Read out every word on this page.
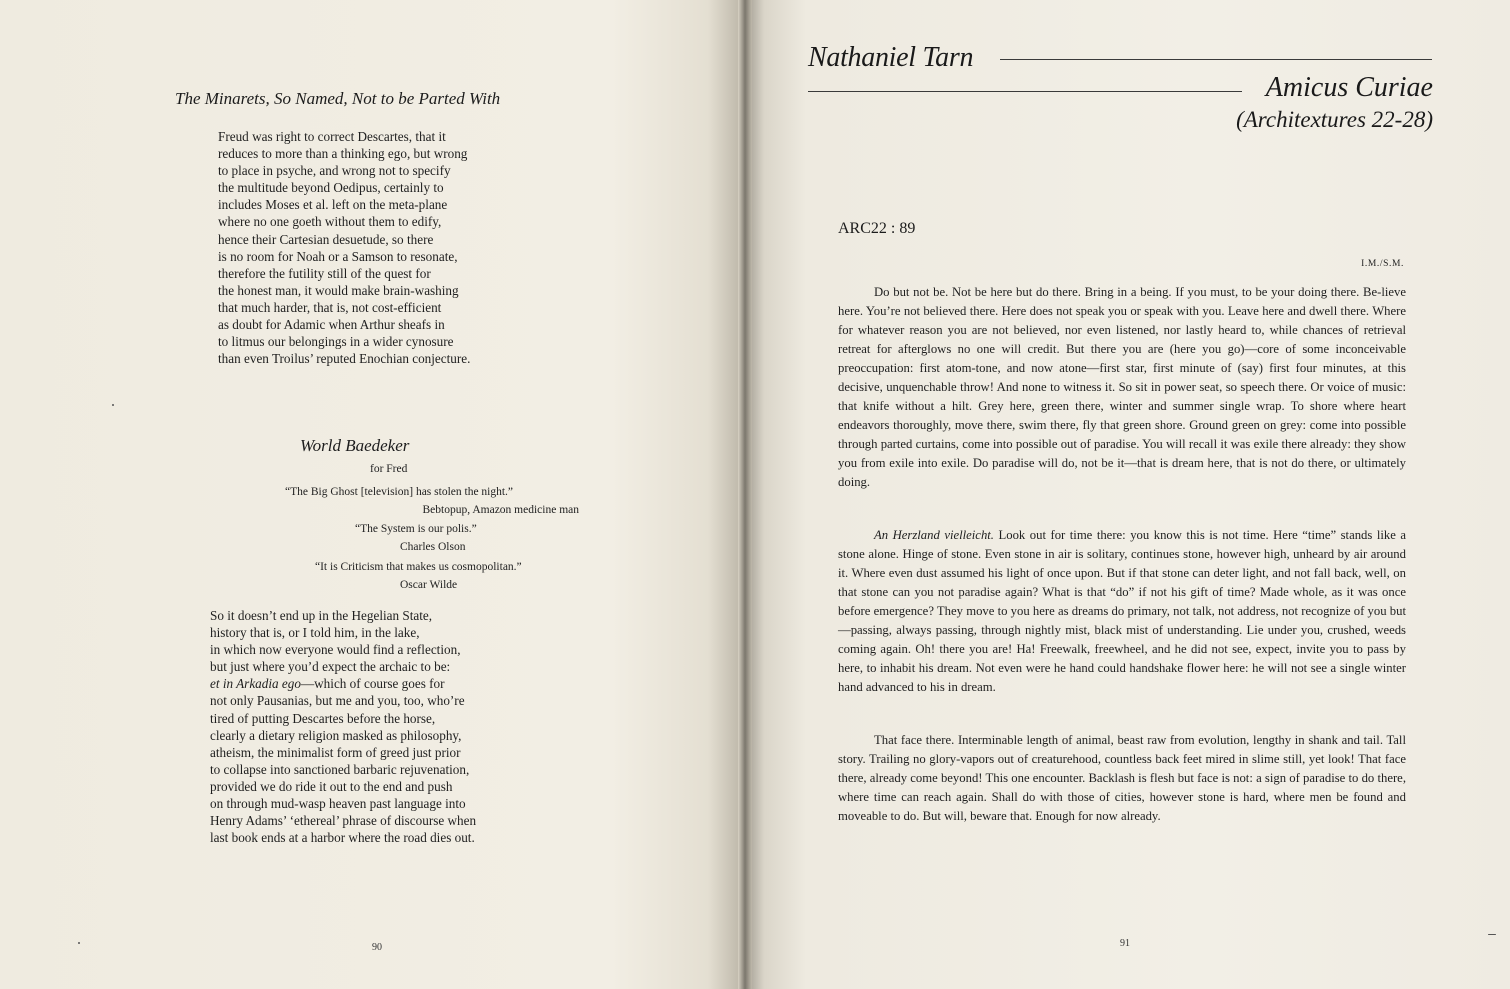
The Minarets, So Named, Not to be Parted With
Freud was right to correct Descartes, that it
reduces to more than a thinking ego, but wrong
to place in psyche, and wrong not to specify
the multitude beyond Oedipus, certainly to
includes Moses et al. left on the meta-plane
where no one goeth without them to edify,
hence their Cartesian desuetude, so there
is no room for Noah or a Samson to resonate,
therefore the futility still of the quest for
the honest man, it would make brain-washing
that much harder, that is, not cost-efficient
as doubt for Adamic when Arthur sheafs in
to litmus our belongings in a wider cynosure
than even Troilus’ reputed Enochian conjecture.
World Baedeker
for Fred
“The Big Ghost [television] has stolen the night.”
Bebtopup, Amazon medicine man
“The System is our polis.”
Charles Olson
“It is Criticism that makes us cosmopolitan.”
Oscar Wilde
So it doesn’t end up in the Hegelian State,
history that is, or I told him, in the lake,
in which now everyone would find a reflection,
but just where you’d expect the archaic to be:
et in Arkadia ego—which of course goes for
not only Pausanias, but me and you, too, who’re
tired of putting Descartes before the horse,
clearly a dietary religion masked as philosophy,
atheism, the minimalist form of greed just prior
to collapse into sanctioned barbaric rejuvenation,
provided we do ride it out to the end and push
on through mud-wasp heaven past language into
Henry Adams’ ‘ethereal’ phrase of discourse when
last book ends at a harbor where the road dies out.
90
Nathaniel Tarn
Amicus Curiae
(Architextures 22-28)
ARC22 : 89
I.M./S.M.

Do but not be. Not be here but do there. Bring in a being. If you must, to be your doing there. Be-lieve here. You’re not believed there. Here does not speak you or speak with you. Leave here and dwell there. Where for whatever reason you are not believed, nor even listened, nor lastly heard to, while chances of retrieval retreat for afterglows no one will credit. But there you are (here you go)—core of some inconceivable preoccupation: first atom-tone, and now atone—first star, first minute of (say) first four minutes, at this decisive, unquenchable throw! And none to witness it. So sit in power seat, so speech there. Or voice of music: that knife without a hilt. Grey here, green there, winter and summer single wrap. To shore where heart endeavors thoroughly, move there, swim there, fly that green shore. Ground green on grey: come into possible through parted curtains, come into possible out of paradise. You will recall it was exile there already: they show you from exile into exile. Do paradise will do, not be it—that is dream here, that is not do there, or ultimately doing.

An Herzland vielleicht. Look out for time there: you know this is not time. Here “time” stands like a stone alone. Hinge of stone. Even stone in air is solitary, continues stone, however high, unheard by air around it. Where even dust assumed his light of once upon. But if that stone can deter light, and not fall back, well, on that stone can you not paradise again? What is that “do” if not his gift of time? Made whole, as it was once before emergence? They move to you here as dreams do primary, not talk, not address, not recognize of you but—passing, always passing, through nightly mist, black mist of understanding. Lie under you, crushed, weeds coming again. Oh! there you are! Ha! Freewalk, freewheel, and he did not see, expect, invite you to pass by here, to inhabit his dream. Not even were he hand could handshake flower here: he will not see a single winter hand advanced to his in dream.

That face there. Interminable length of animal, beast raw from evolution, lengthy in shank and tail. Tall story. Trailing no glory-vapors out of creaturehood, countless back feet mired in slime still, yet look! That face there, already come beyond! This one encounter. Backlash is flesh but face is not: a sign of paradise to do there, where time can reach again. Shall do with those of cities, however stone is hard, where men be found and moveable to do. But will, beware that. Enough for now already.

91
